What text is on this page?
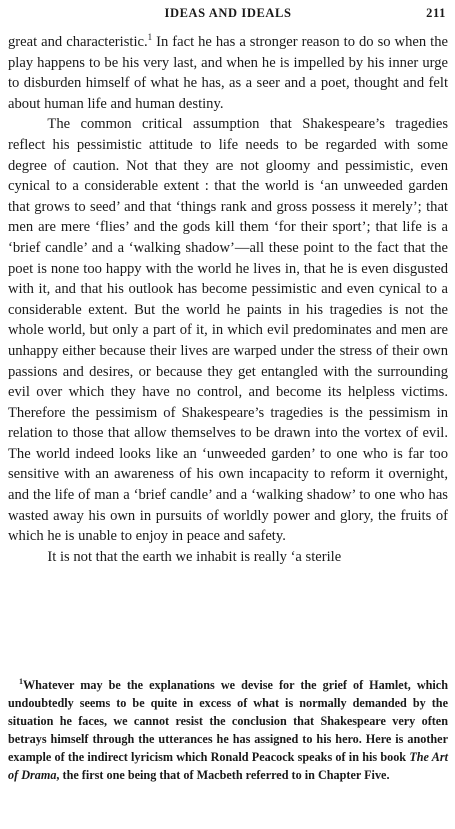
IDEAS AND IDEALS	211

great and characteristic.$^1$ In fact he has a stronger reason to do so when the play happens to be his very last, and when he is impelled by his inner urge to disburden himself of what he has, as a seer and a poet, thought and felt about human life and human destiny.

The common critical assumption that Shakespeare’s tragedies reflect his pessimistic attitude to life needs to be regarded with some degree of caution. Not that they are not gloomy and pessimistic, even cynical to a considerable extent : that the world is ‘an unweeded garden that grows to seed’ and that ‘things rank and gross possess it merely’; that men are mere ‘flies’ and the gods kill them ‘for their sport’; that life is a ‘brief candle’ and a ‘walking shadow’—all these point to the fact that the poet is none too happy with the world he lives in, that he is even disgusted with it, and that his outlook has become pessimistic and even cynical to a considerable extent. But the world he paints in his tragedies is not the whole world, but only a part of it, in which evil predominates and men are unhappy either because their lives are warped under the stress of their own passions and desires, or because they get entangled with the surrounding evil over which they have no control, and become its helpless victims. Therefore the pessimism of Shakespeare’s tragedies is the pessimism in relation to those that allow themselves to be drawn into the vortex of evil. The world indeed looks like an ‘unweeded garden’ to one who is far too sensitive with an awareness of his own incapacity to reform it overnight, and the life of man a ‘brief candle’ and a ‘walking shadow’ to one who has wasted away his own in pursuits of worldly power and glory, the fruits of which he is unable to enjoy in peace and safety.

It is not that the earth we inhabit is really ‘a sterile

$^1$Whatever may be the explanations we devise for the grief of Hamlet, which undoubtedly seems to be quite in excess of what is normally demanded by the situation he faces, we cannot resist the conclusion that Shakespeare very often betrays himself through the utterances he has assigned to his hero. Here is another example of the indirect lyricism which Ronald Peacock speaks of in his book The Art of Drama, the first one being that of Macbeth referred to in Chapter Five.
